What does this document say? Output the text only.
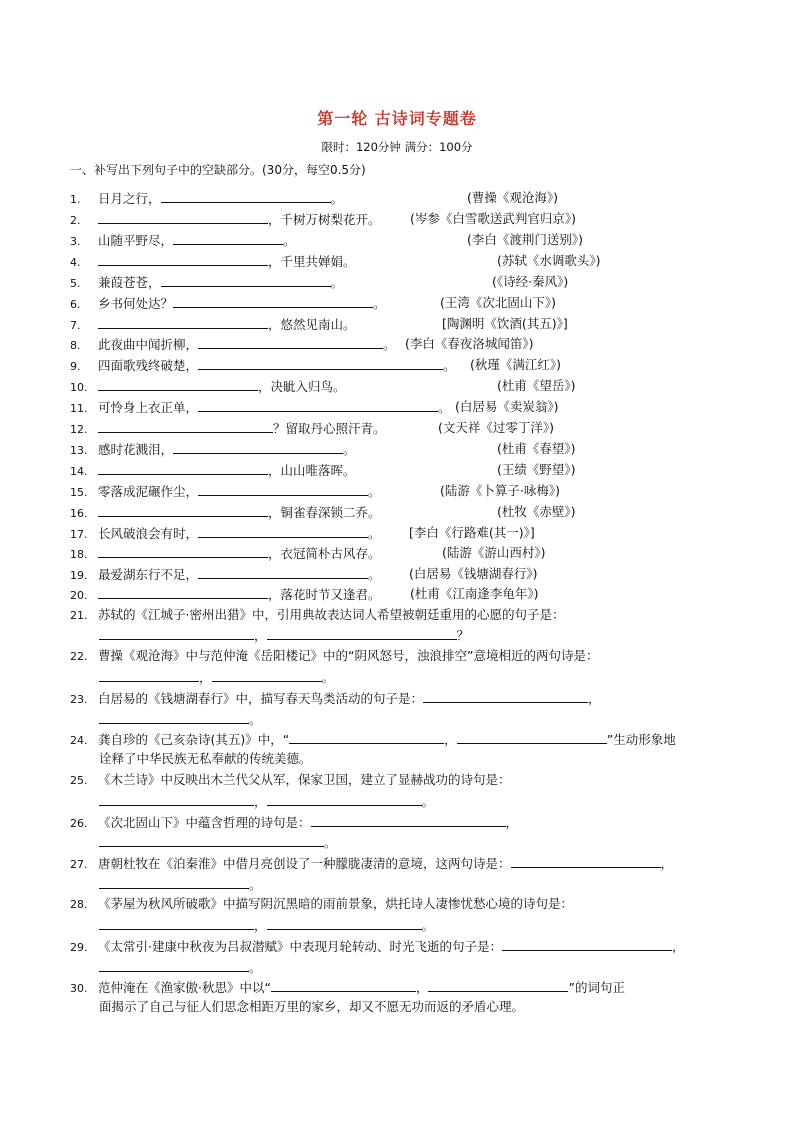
第一轮 古诗词专题卷
限时：120分钟 满分：100分
一、补写出下列句子中的空缺部分。(30分，每空0.5分)
1. 日月之行，	。	(曹操《观沧海》)
2.	，千树万树梨花开。	(岑参《白雪歌送武判官归京》)
3. 山随平野尽，	。	(李白《渡荆门送别》)
4.	，千里共婵娟。	(苏轼《水调歌头》)
5. 兼葭苍苍，	。	(《诗经·秦风》)
6. 乡书何处达？	。	(王湾《次北固山下》)
7.	，悠然见南山。	[陶渊明《饮酒(其五)》]
8. 此夜曲中闻折柳，	。 (李白《春夜洛城闻笛》)
9. 四面歌残终破楚，	。	(秋瑾《满江红》)
10.	，决眦入归鸟。	(杜甫《望岳》)
11. 可怜身上衣正单，	。 (白居易《卖炭翁》)
12.	？留取丹心照汗青。	(文天祥《过零丁洋》)
13. 感时花溅泪，	。	(杜甫《春望》)
14.	，山山唯落晖。	(王绩《野望》)
15. 零落成泥碾作尘，	。	(陆游《卜算子·咏梅》)
16.	，铜雀春深锁二乔。	(杜牧《赤壁》)
17. 长风破浪会有时，	。	[李白《行路难(其一)》]
18.	，衣冠简朴古风存。	(陆游《游山西村》)
19. 最爱湖东行不足，	。	(白居易《钱塘湖春行》)
20.	，落花时节又逢君。	(杜甫《江南逢李龟年》)
21. 苏轼的《江城子·密州出猎》中，引用典故表达词人希望被朝廷重用的心愿的句子是：
，	？
22. 曹操《观沧海》中与范仲淹《岳阳楼记》中的“阴风怒号，浊浪排空”意境相近的两句诗是：
，	。
23. 白居易的《钱塘湖春行》中，描写春天鸟类活动的句子是：	，
。
24. 龚自珍的《己亥杂诗(其五)》中，“	，	”生动形象地
诠释了中华民族无私奉献的传统美德。
25. 《木兰诗》中反映出木兰代父从军，保家卫国，建立了显赫战功的诗句是：
，	。
26. 《次北固山下》中蕴含哲理的诗句是：	，
。
27. 唐朝杜牧在《泊秦淮》中借月亮创设了一种朦胧凄清的意境，这两句诗是：	，
。
28. 《茅屋为秋风所破歌》中描写阴沉黑暗的雨前景象，烘托诗人凄惨忧愁心境的诗句是：
，	。
29. 《太常引·建康中秋夜为吕叔潜赋》中表现月轮转动、时光飞逝的句子是：	，
。
30. 范仲淹在《渔家傲·秋思》中以“	，	”的词句正
面揭示了自己与征人们思念相距万里的家乡，却又不愿无功而返的矛盾心理。
